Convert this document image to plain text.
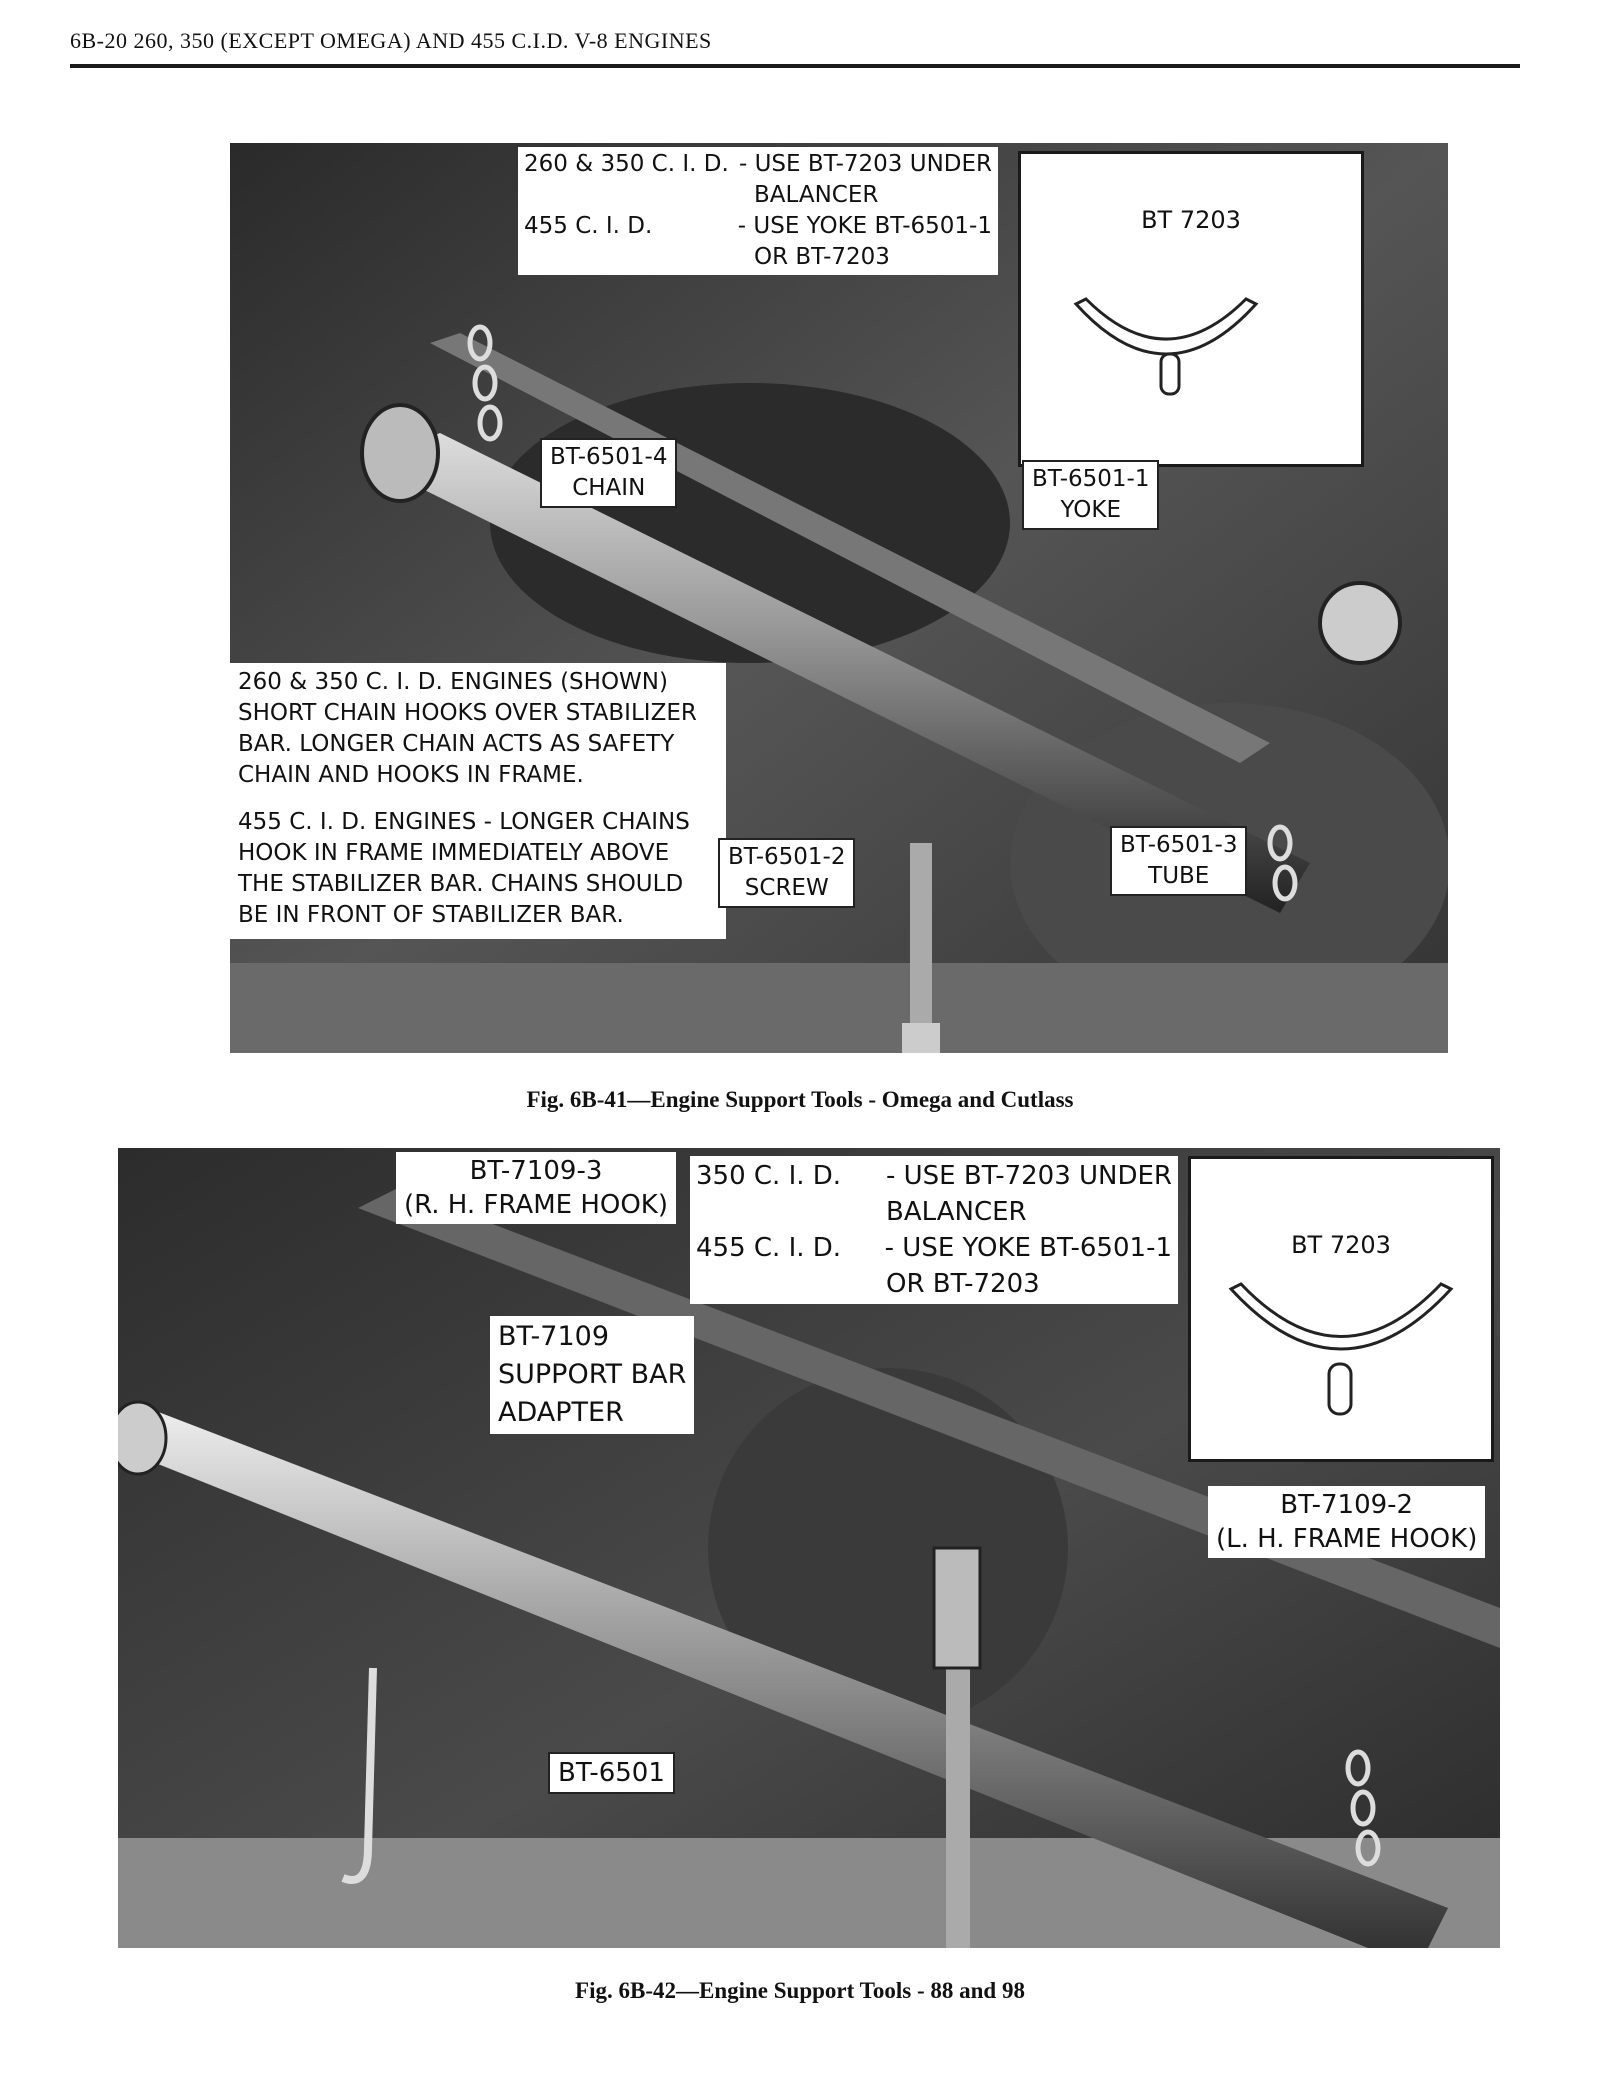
6B-20 260, 350 (EXCEPT OMEGA) AND 455 C.I.D. V-8 ENGINES
260 & 350 C. I. D. - USE BT-7203 UNDER
BALANCER
455 C. I. D.	- USE YOKE BT-6501-1
OR BT-7203
BT 7203
BT-6501-4
CHAIN	BT-6501-1
YOKE
260 & 350 C. I. D. ENGINES (SHOWN)
SHORT CHAIN HOOKS OVER STABILIZER
BAR. LONGER CHAIN ACTS AS SAFETY
CHAIN AND HOOKS IN FRAME.
455 C. I. D. ENGINES - LONGER CHAINS
HOOK IN FRAME IMMEDIATELY ABOVE
THE STABILIZER BAR. CHAINS SHOULD
BE IN FRONT OF STABILIZER BAR.
BT-6501-2
SCREW
BT-6501-3
TUBE
Fig. 6B-41—Engine Support Tools - Omega and Cutlass
BT-7109-3
(R. H. FRAME HOOK)
350 C. I. D.	- USE BT-7203 UNDER
BALANCER
455 C. I. D.	- USE YOKE BT-6501-1
OR BT-7203
BT 7203
BT-7109
SUPPORT BAR
ADAPTER
BT-7109-2
(L. H. FRAME HOOK)
BT-6501
Fig. 6B-42—Engine Support Tools - 88 and 98
